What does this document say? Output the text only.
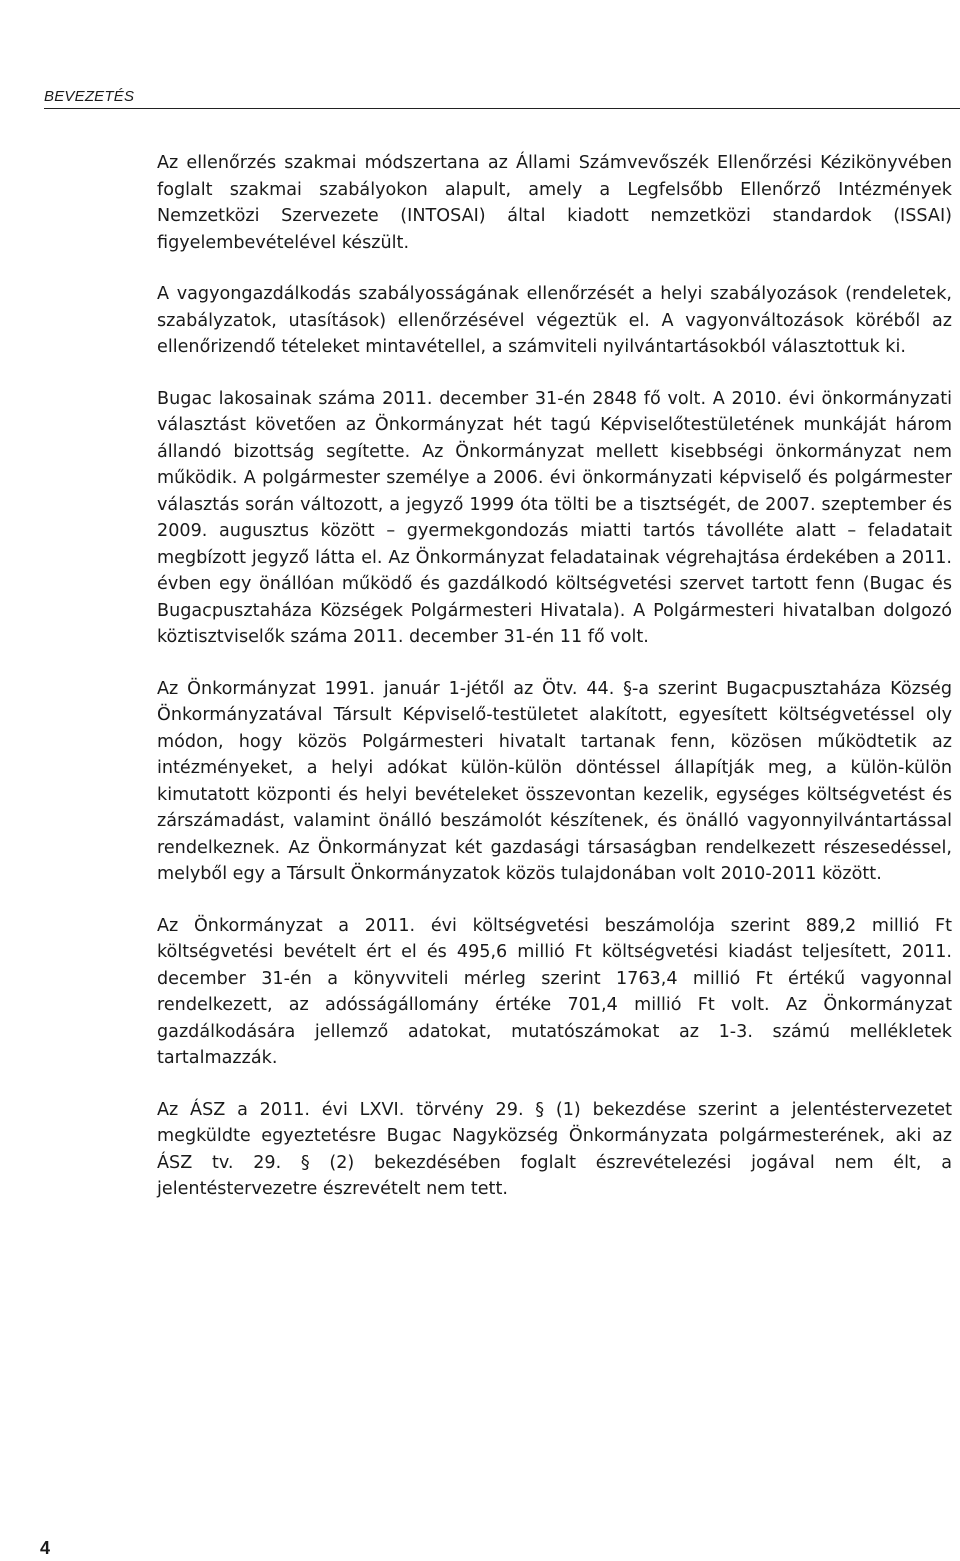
BEVEZETÉS

Az ellenőrzés szakmai módszertana az Állami Számvevőszék Ellenőrzési Kézikönyvében foglalt szakmai szabályokon alapult, amely a Legfelsőbb Ellenőrző Intézmények Nemzetközi Szervezete (INTOSAI) által kiadott nemzetközi standardok (ISSAI) figyelembevételével készült.

A vagyongazdálkodás szabályosságának ellenőrzését a helyi szabályozások (rendeletek, szabályzatok, utasítások) ellenőrzésével végeztük el. A vagyonváltozások köréből az ellenőrizendő tételeket mintavétellel, a számviteli nyilvántartásokból választottuk ki.

Bugac lakosainak száma 2011. december 31-én 2848 fő volt. A 2010. évi önkormányzati választást követően az Önkormányzat hét tagú Képviselőtestületének munkáját három állandó bizottság segítette. Az Önkormányzat mellett kisebbségi önkormányzat nem működik. A polgármester személye a 2006. évi önkormányzati képviselő és polgármester választás során változott, a jegyző 1999 óta tölti be a tisztségét, de 2007. szeptember és 2009. augusztus között – gyermekgondozás miatti tartós távolléte alatt – feladatait megbízott jegyző látta el. Az Önkormányzat feladatainak végrehajtása érdekében a 2011. évben egy önállóan működő és gazdálkodó költségvetési szervet tartott fenn (Bugac és Bugacpusztaháza Községek Polgármesteri Hivatala). A Polgármesteri hivatalban dolgozó köztisztviselők száma 2011. december 31-én 11 fő volt.

Az Önkormányzat 1991. január 1-jétől az Ötv. 44. §-a szerint Bugacpusztaháza Község Önkormányzatával Társult Képviselő-testületet alakított, egyesített költségvetéssel oly módon, hogy közös Polgármesteri hivatalt tartanak fenn, közösen működtetik az intézményeket, a helyi adókat külön-külön döntéssel állapítják meg, a külön-külön kimutatott központi és helyi bevételeket összevontan kezelik, egységes költségvetést és zárszámadást, valamint önálló beszámolót készítenek, és önálló vagyonnyilvántartással rendelkeznek. Az Önkormányzat két gazdasági társaságban rendelkezett részesedéssel, melyből egy a Társult Önkormányzatok közös tulajdonában volt 2010-2011 között.

Az Önkormányzat a 2011. évi költségvetési beszámolója szerint 889,2 millió Ft költségvetési bevételt ért el és 495,6 millió Ft költségvetési kiadást teljesített, 2011. december 31-én a könyvviteli mérleg szerint 1763,4 millió Ft értékű vagyonnal rendelkezett, az adósságállomány értéke 701,4 millió Ft volt. Az Önkormányzat gazdálkodására jellemző adatokat, mutatószámokat az 1-3. számú mellékletek tartalmazzák.

Az ÁSZ a 2011. évi LXVI. törvény 29. § (1) bekezdése szerint a jelentéstervezetet megküldte egyeztetésre Bugac Nagyközség Önkormányzata polgármesterének, aki az ÁSZ tv. 29. § (2) bekezdésében foglalt észrevételezési jogával nem élt, a jelentéstervezetre észrevételt nem tett.

4
